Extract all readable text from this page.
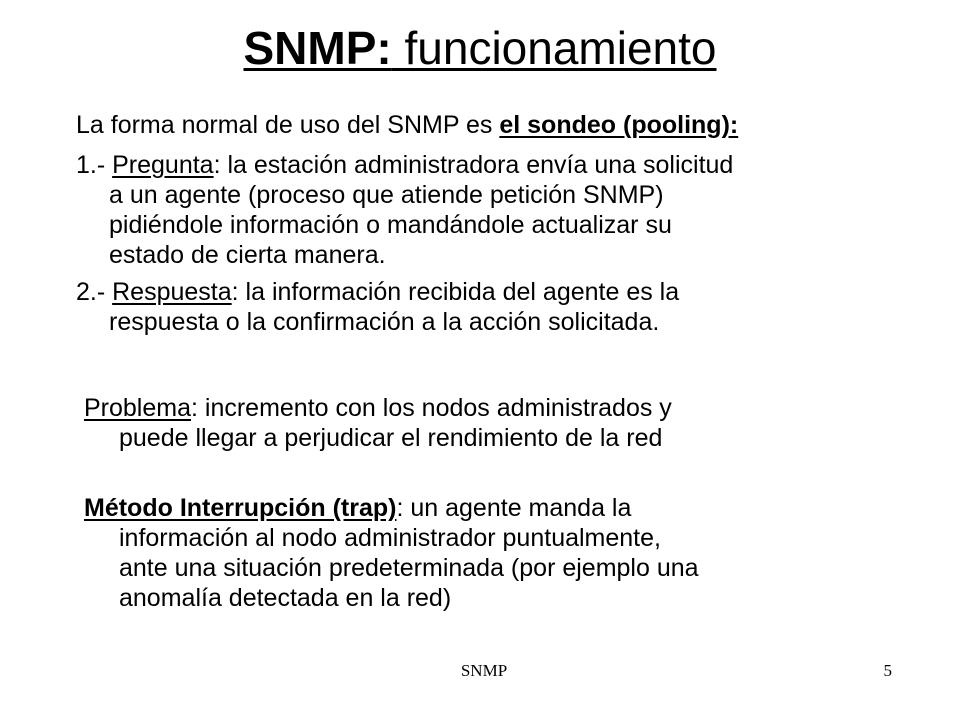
SNMP: funcionamiento
La forma normal de uso del SNMP es el sondeo (pooling):
1.- Pregunta: la estación administradora envía una solicitud
a un agente (proceso que atiende petición SNMP)
pidiéndole información o mandándole actualizar su
estado de cierta manera.
2.- Respuesta: la información recibida del agente es la
respuesta o la confirmación a la acción solicitada.
Problema: incremento con los nodos administrados y
puede llegar a perjudicar el rendimiento de la red
Método Interrupción (trap): un agente manda la
información al nodo administrador puntualmente,
ante una situación predeterminada (por ejemplo una
anomalía detectada en la red)
SNMP	5
